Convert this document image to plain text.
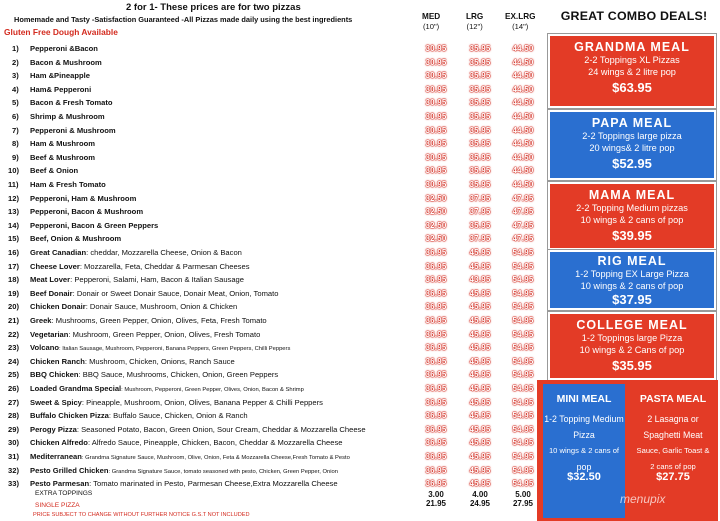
2 for 1- These prices are for two pizzas
Homemade and Tasty -Satisfaction Guaranteed -All Pizzas made daily using the best ingredients
Gluten Free Dough Available
MED
(10")
LRG
(12")
EX.LRG
(14")
1) Pepperoni &Bacon	30.95	35.95	44.50
2) Bacon & Mushroom	30.95	35.95	44.50
3) Ham &Pineapple	30.95	35.95	44.50
4) Ham& Pepperoni	30.95	35.95	44.50
5) Bacon & Fresh Tomato	30.95	35.95	44.50
6) Shrimp & Mushroom	30.95	35.95	44.50
7) Pepperoni & Mushroom	30.95	35.95	44.50
8) Ham & Mushroom	30.95	35.95	44.50
9) Beef & Mushroom	30.95	35.95	44.50
10) Beef & Onion	30.95	35.95	44.50
11) Ham & Fresh Tomato	30.95	35.95	44.50
12) Pepperoni, Ham & Mushroom	32.50	37.95	47.95
13) Pepperoni, Bacon & Mushroom	32.50	37.95	47.95
14) Pepperoni, Bacon & Green Peppers	32.50	35.95	47.95
15) Beef, Onion & Mushroom	32.50	37.95	47.95
16) Great Canadian: cheddar, Mozzarella Cheese, Onion & Bacon	36.95	45.95	54.95
17) Cheese Lover: Mozzarella, Feta, Cheddar & Parmesan Cheeses	36.95	45.95	54.95
18) Meat Lover: Pepperoni, Salami, Ham, Bacon & Italian Sausage	36.95	43.95	54.95
19) Beef Donair: Donair or Sweet Donair Sauce, Donair Meat, Onion, Tomato	36.95	45.95	54.95
20) Chicken Donair: Donair Sauce, Mushroom, Onion & Chicken	36.95	45.95	54.95
21) Greek: Mushrooms, Green Pepper, Onion, Olives, Feta, Fresh Tomato	36.95	45.95	54.95
22) Vegetarian: Mushroom, Green Pepper, Onion, Olives, Fresh Tomato	36.95	45.95	54.95
23) Volcano: Italian Sausage, Mushroom, Pepperoni, Banana Peppers, Green Peppers, Chilli Peppers	36.95	45.95	54.95
24) Chicken Ranch: Mushroom, Chicken, Onions, Ranch Sauce	36.95	45.95	54.95
25) BBQ Chicken: BBQ Sauce, Mushrooms, Chicken, Onion, Green Peppers	36.95	45.95	54.95
26) Loaded Grandma Special: Mushroom, Pepperoni, Green Pepper, Olives, Onion, Bacon & Shrimp	36.95	45.95	54.95
27) Sweet & Spicy: Pineapple, Mushroom, Onion, Olives, Banana Pepper & Chilli Peppers	36.95	45.95	54.95
28) Buffalo Chicken Pizza: Buffalo Sauce, Chicken, Onion & Ranch	36.95	45.95	54.95
29) Perogy Pizza: Seasoned Potato, Bacon, Green Onion, Sour Cream, Cheddar & Mozzarella Cheese	36.95	45.95	54.95
30) Chicken Alfredo: Alfredo Sauce, Pineapple, Chicken, Bacon, Cheddar & Mozzarella Cheese	36.95	45.95	54.95
31) Mediterranean: Grandma Signature Sauce, Mushroom, Olive, Onion, Feta & Mozzarella Cheese,Fresh Tomato & Pesto	36.95	45.95	54.95
32) Pesto Grilled Chicken: Grandma Signature Sauce, tomato seasoned with pesto, Chicken, Green Pepper, Onion	36.95	45.95	54.95
33) Pesto Parmesan: Tomato marinated in Pesto, Parmesan Cheese,Extra Mozzarella Cheese	36.95	45.95	54.95
EXTRA TOPPINGS	3.00	4.00	5.00
SINGLE PIZZA	21.95	24.95	27.95
PRICE SUBJECT TO CHANGE WITHOUT FURTHER NOTICE G.S.T NOT INCLUDED
GREAT COMBO DEALS!
GRANDMA MEAL
2-2 Toppings XL Pizzas
24 wings & 2 litre pop
$63.95
PAPA MEAL
2-2 Toppings large pizza
20 wings& 2 litre pop
$52.95
MAMA MEAL
2-2 Topping Medium pizzas
10 wings & 2 cans of pop
$39.95
RIG MEAL
1-2 Topping EX Large Pizza
10 wings & 2 cans of pop
$37.95
COLLEGE MEAL
1-2 Toppings large Pizza
10 wings & 2 Cans of pop
$35.95
MINI MEAL
1-2 Topping Medium
Pizza
10 wings & 2 cans of
pop
$32.50
PASTA MEAL
2 Lasagna or
Spaghetti Meat
Sauce, Garlic Toast &
2 cans of pop
$27.75
menupix
